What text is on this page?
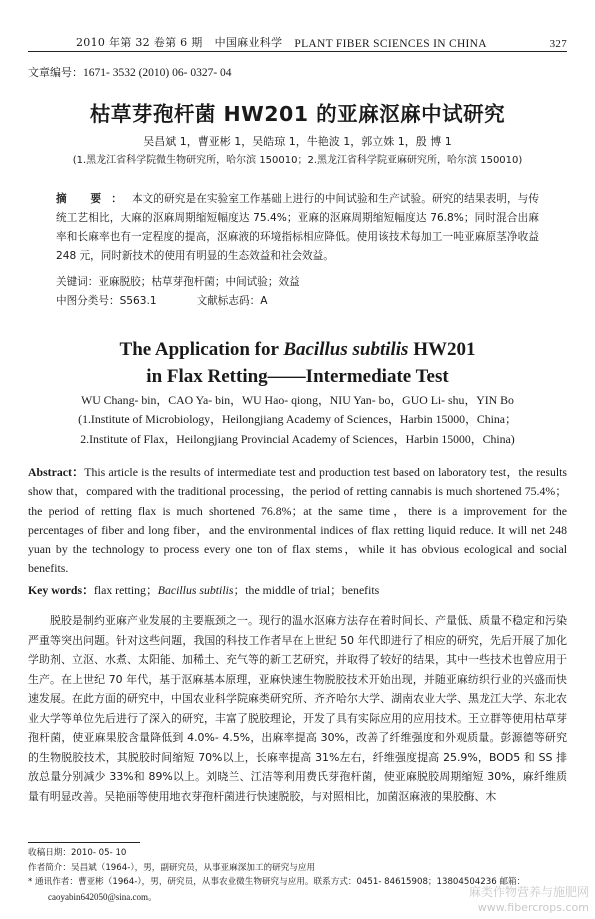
2010 年第 32 卷第 6 期 中国麻业科学 PLANT FIBER SCIENCES IN CHINA	327
文章编号：1671- 3532 (2010) 06- 0327- 04
枯草芽孢杆菌 HW201 的亚麻沤麻中试研究
吴昌斌 1，曹亚彬 1，吴皓琼 1，牛艳波 1，郭立姝 1，殷 博 1
(1.黑龙江省科学院微生物研究所，哈尔滨 150010；2.黑龙江省科学院亚麻研究所，哈尔滨 150010)
摘 要：本文的研究是在实验室工作基础上进行的中间试验和生产试验。研究的结果表明，与传统工艺相比，大麻的沤麻周期缩短幅度达 75.4%；亚麻的沤麻周期缩短幅度达 76.8%；同时混合出麻率和长麻率也有一定程度的提高，沤麻液的环境指标相应降低。使用该技术每加工一吨亚麻原茎净收益 248 元，同时新技术的使用有明显的生态效益和社会效益。
关键词：亚麻脱胶；枯草芽孢杆菌；中间试验；效益
中图分类号：S563.1	文献标志码：A
The Application for Bacillus subtilis HW201
in Flax Retting——Intermediate Test
WU Chang- bin，CAO Ya- bin，WU Hao- qiong，NIU Yan- bo，GUO Li- shu，YIN Bo
(1.Institute of Microbiology，Heilongjiang Academy of Sciences，Harbin 15000，China；
2.Institute of Flax，Heilongjiang Provincial Academy of Sciences，Harbin 15000，China)
Abstract：This article is the results of intermediate test and production test based on laboratory test，the results show that，compared with the traditional processing，the period of retting cannabis is much shortened 75.4%； the period of retting flax is much shortened 76.8%；at the same time，there is a improvement for the percentages of fiber and long fiber，and the environmental indices of flax retting liquid reduce. It will net 248 yuan by the technology to process every one ton of flax stems，while it has obvious ecological and social benefits.
Key words：flax retting；Bacillus subtilis；the middle of trial；benefits
脱胶是制约亚麻产业发展的主要瓶颈之一。现行的温水沤麻方法存在着时间长、产量低、质量不稳定和污染严重等突出问题。针对这些问题，我国的科技工作者早在上世纪 50 年代即进行了相应的研究，先后开展了加化学助剂、立沤、水煮、太阳能、加稀土、充气等的新工艺研究，并取得了较好的结果，其中一些技术也曾应用于生产。在上世纪 70 年代，基于沤麻基本原理，亚麻快速生物脱胶技术开始出现，并随亚麻纺织行业的兴盛而快速发展。在此方面的研究中，中国农业科学院麻类研究所、齐齐哈尔大学、湖南农业大学、黑龙江大学、东北农业大学等单位先后进行了深入的研究，丰富了脱胶理论，开发了具有实际应用的应用技术。王立群等使用枯草芽孢杆菌，使亚麻果胶含量降低到 4.0%- 4.5%，出麻率提高 30%，改善了纤维强度和外观质量。彭源德等研究的生物脱胶技术，其脱胶时间缩短 70%以上，长麻率提高 31%左右，纤维强度提高 25.9%，BOD5 和 SS 排放总量分别减少 33%和 89%以上。刘晓兰、江洁等利用费氏芽孢杆菌，使亚麻脱胶周期缩短 30%，麻纤维质量有明显改善。吴艳丽等使用地衣芽孢杆菌进行快速脱胶，与对照相比，加菌沤麻液的果胶酶、木
收稿日期：2010- 05- 10
作者简介：吴昌斌（1964-），男，副研究员，从事亚麻深加工的研究与应用
* 通讯作者：曹亚彬（1964-），男，研究员，从事农业微生物研究与应用。联系方式：0451- 84615908；13804504236 邮箱：
caoyabin642050@sina.com。	麻类作物营养与施肥网
www.fibercrops.com
